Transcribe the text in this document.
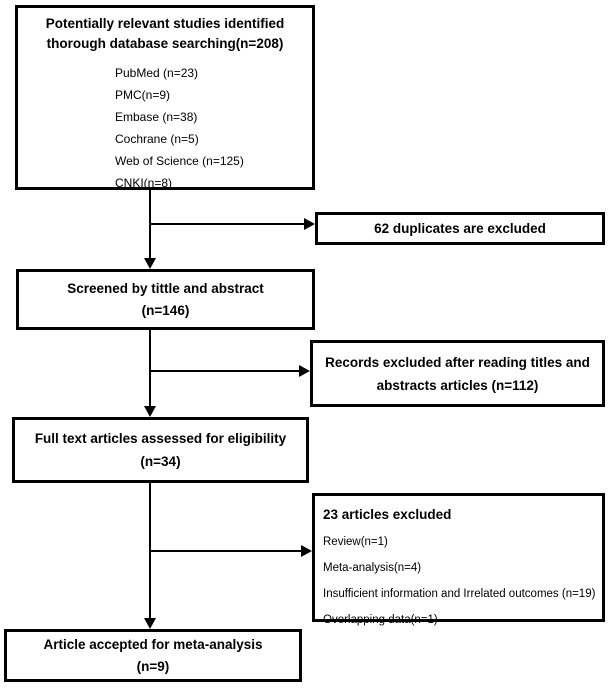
Potentially relevant studies identified
thorough database searching(n=208)
PubMed (n=23)
PMC(n=9)
Embase (n=38)
Cochrane (n=5)
Web of Science (n=125)
CNKI(n=8)
62 duplicates are excluded
Screened by tittle and abstract
(n=146)
Records excluded after reading titles and
abstracts articles (n=112)
Full text articles assessed for eligibility
(n=34)
23 articles excluded
Review(n=1)
Meta-analysis(n=4)
Insufficient information and Irrelated outcomes (n=19)
Overlapping data(n=1)
Article accepted for meta-analysis
(n=9)
